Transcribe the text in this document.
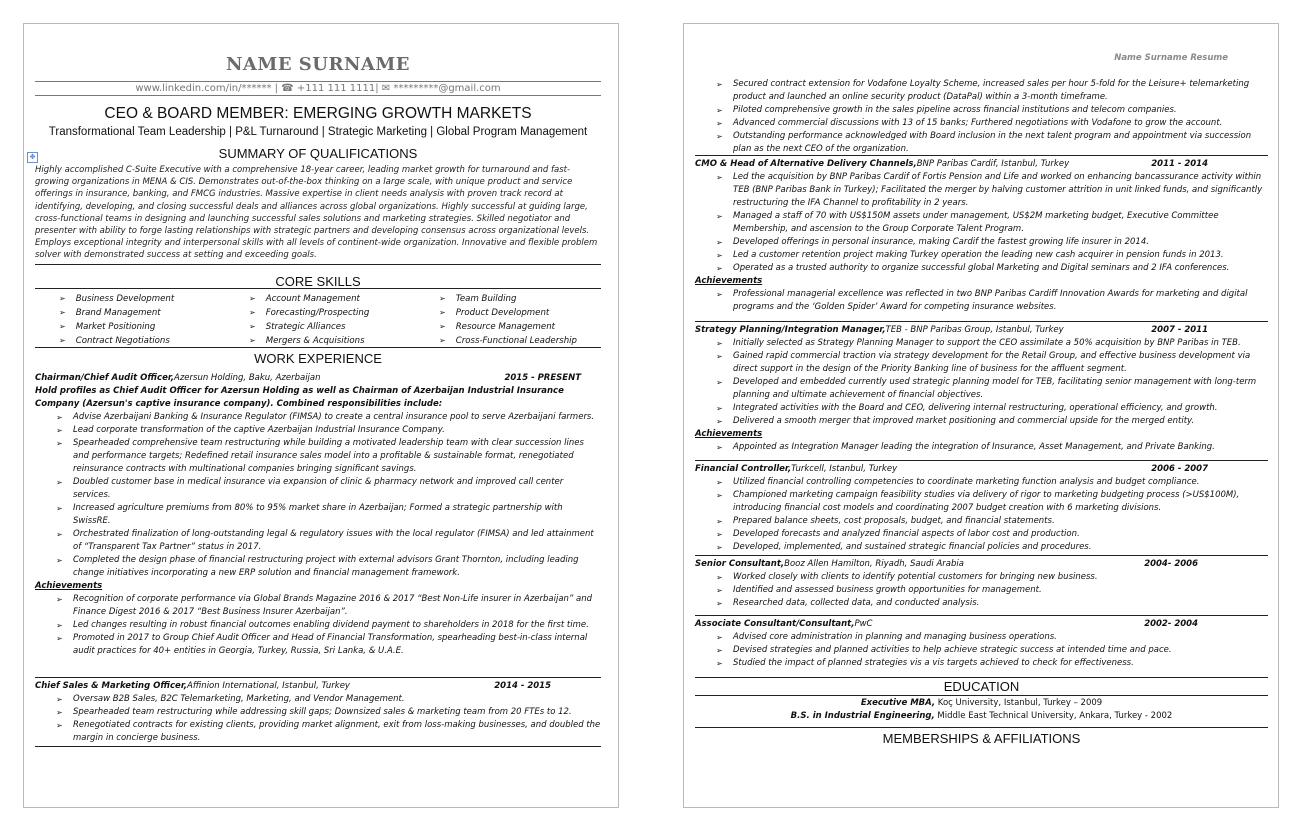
✥
NAME SURNAME
www.linkedin.com/in/****** | ☎ +111 111 1111| ✉ *********@gmail.com
CEO & BOARD MEMBER: EMERGING GROWTH MARKETS
Transformational Team Leadership | P&L Turnaround | Strategic Marketing | Global Program Management
SUMMARY OF QUALIFICATIONS
Highly accomplished C-Suite Executive with a comprehensive 18-year career, leading market growth for turnaround and fast-growing organizations in MENA & CIS. Demonstrates out-of-the-box thinking on a large scale, with unique product and service offerings in insurance, banking, and FMCG industries. Massive expertise in client needs analysis with proven track record at identifying, developing, and closing successful deals and alliances across global organizations. Highly successful at guiding large, cross-functional teams in designing and launching successful sales solutions and marketing strategies. Skilled negotiator and presenter with ability to forge lasting relationships with strategic partners and developing consensus across organizational levels. Employs exceptional integrity and interpersonal skills with all levels of continent-wide organization. Innovative and flexible problem solver with demonstrated success at setting and exceeding goals.
CORE SKILLS
➢ Business Development	➢ Account Management	➢ Team Building
➢ Brand Management	➢ Forecasting/Prospecting	➢ Product Development
➢ Market Positioning	➢ Strategic Alliances	➢ Resource Management
➢ Contract Negotiations	➢ Mergers & Acquisitions	➢ Cross-Functional Leadership
WORK EXPERIENCE
Chairman/Chief Audit Officer, Azersun Holding, Baku, Azerbaijan	2015 - PRESENT
Hold profiles as Chief Audit Officer for Azersun Holding as well as Chairman of Azerbaijan Industrial Insurance Company (Azersun's captive insurance company). Combined responsibilities include:
➢ Advise Azerbaijani Banking & Insurance Regulator (FIMSA) to create a central insurance pool to serve Azerbaijani farmers.
➢ Lead corporate transformation of the captive Azerbaijan Industrial Insurance Company.
➢ Spearheaded comprehensive team restructuring while building a motivated leadership team with clear succession lines and performance targets; Redefined retail insurance sales model into a profitable & sustainable format, renegotiated reinsurance contracts with multinational companies bringing significant savings.
➢ Doubled customer base in medical insurance via expansion of clinic & pharmacy network and improved call center services.
➢ Increased agriculture premiums from 80% to 95% market share in Azerbaijan; Formed a strategic partnership with SwissRE.
➢ Orchestrated finalization of long-outstanding legal & regulatory issues with the local regulator (FIMSA) and led attainment of “Transparent Tax Partner” status in 2017.
➢ Completed the design phase of financial restructuring project with external advisors Grant Thornton, including leading change initiatives incorporating a new ERP solution and financial management framework.
Achievements
➢ Recognition of corporate performance via Global Brands Magazine 2016 & 2017 “Best Non-Life insurer in Azerbaijan” and Finance Digest 2016 & 2017 “Best Business Insurer Azerbaijan”.
➢ Led changes resulting in robust financial outcomes enabling dividend payment to shareholders in 2018 for the first time.
➢ Promoted in 2017 to Group Chief Audit Officer and Head of Financial Transformation, spearheading best-in-class internal audit practices for 40+ entities in Georgia, Turkey, Russia, Sri Lanka, & U.A.E.
Chief Sales & Marketing Officer, Affinion International, Istanbul, Turkey	2014 - 2015
➢ Oversaw B2B Sales, B2C Telemarketing, Marketing, and Vendor Management.
➢ Spearheaded team restructuring while addressing skill gaps; Downsized sales & marketing team from 20 FTEs to 12.
➢ Renegotiated contracts for existing clients, providing market alignment, exit from loss-making businesses, and doubled the margin in concierge business.
Name Surname Resume
➢ Secured contract extension for Vodafone Loyalty Scheme, increased sales per hour 5-fold for the Leisure+ telemarketing product and launched an online security product (DataPal) within a 3-month timeframe.
➢ Piloted comprehensive growth in the sales pipeline across financial institutions and telecom companies.
➢ Advanced commercial discussions with 13 of 15 banks; Furthered negotiations with Vodafone to grow the account.
➢ Outstanding performance acknowledged with Board inclusion in the next talent program and appointment via succession plan as the next CEO of the organization.
CMO & Head of Alternative Delivery Channels, BNP Paribas Cardif, Istanbul, Turkey	2011 - 2014
➢ Led the acquisition by BNP Paribas Cardif of Fortis Pension and Life and worked on enhancing bancassurance activity within TEB (BNP Paribas Bank in Turkey); Facilitated the merger by halving customer attrition in unit linked funds, and significantly restructuring the IFA Channel to profitability in 2 years.
➢ Managed a staff of 70 with US$150M assets under management, US$2M marketing budget, Executive Committee Membership, and ascension to the Group Corporate Talent Program.
➢ Developed offerings in personal insurance, making Cardif the fastest growing life insurer in 2014.
➢ Led a customer retention project making Turkey operation the leading new cash acquirer in pension funds in 2013.
➢ Operated as a trusted authority to organize successful global Marketing and Digital seminars and 2 IFA conferences.
Achievements
➢ Professional managerial excellence was reflected in two BNP Paribas Cardiff Innovation Awards for marketing and digital programs and the ‘Golden Spider’ Award for competing insurance websites.
Strategy Planning/Integration Manager, TEB - BNP Paribas Group, Istanbul, Turkey	2007 - 2011
➢ Initially selected as Strategy Planning Manager to support the CEO assimilate a 50% acquisition by BNP Paribas in TEB.
➢ Gained rapid commercial traction via strategy development for the Retail Group, and effective business development via direct support in the design of the Priority Banking line of business for the affluent segment.
➢ Developed and embedded currently used strategic planning model for TEB, facilitating senior management with long-term planning and ultimate achievement of financial objectives.
➢ Integrated activities with the Board and CEO, delivering internal restructuring, operational efficiency, and growth.
➢ Delivered a smooth merger that improved market positioning and commercial upside for the merged entity.
Achievements
➢ Appointed as Integration Manager leading the integration of Insurance, Asset Management, and Private Banking.
Financial Controller, Turkcell, Istanbul, Turkey	2006 - 2007
➢ Utilized financial controlling competencies to coordinate marketing function analysis and budget compliance.
➢ Championed marketing campaign feasibility studies via delivery of rigor to marketing budgeting process (>US$100M), introducing financial cost models and coordinating 2007 budget creation with 6 marketing divisions.
➢ Prepared balance sheets, cost proposals, budget, and financial statements.
➢ Developed forecasts and analyzed financial aspects of labor cost and production.
➢ Developed, implemented, and sustained strategic financial policies and procedures.
Senior Consultant, Booz Allen Hamilton, Riyadh, Saudi Arabia	2004- 2006
➢ Worked closely with clients to identify potential customers for bringing new business.
➢ Identified and assessed business growth opportunities for management.
➢ Researched data, collected data, and conducted analysis.
Associate Consultant/Consultant, PwC	2002- 2004
➢ Advised core administration in planning and managing business operations.
➢ Devised strategies and planned activities to help achieve strategic success at intended time and pace.
➢ Studied the impact of planned strategies vis a vis targets achieved to check for effectiveness.
EDUCATION
Executive MBA, Koç University, Istanbul, Turkey – 2009
B.S. in Industrial Engineering, Middle East Technical University, Ankara, Turkey - 2002
MEMBERSHIPS & AFFILIATIONS
